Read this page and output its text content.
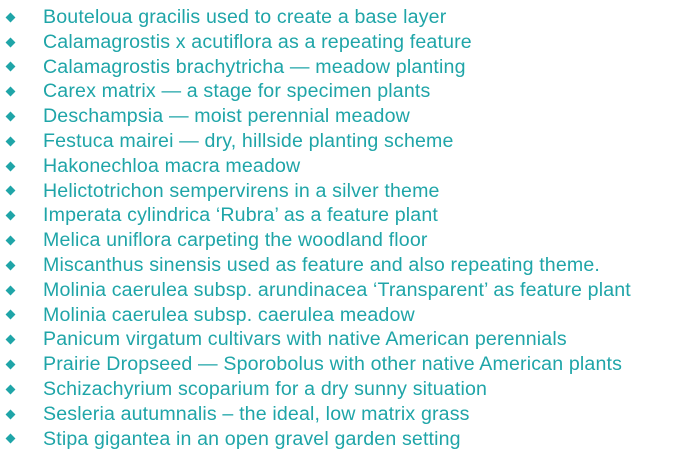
Bouteloua gracilis used to create a base layer
Calamagrostis x acutiflora as a repeating feature
Calamagrostis brachytricha — meadow planting
Carex matrix — a stage for specimen plants
Deschampsia — moist perennial meadow
Festuca mairei — dry, hillside planting scheme
Hakonechloa macra meadow
Helictotrichon sempervirens in a silver theme
Imperata cylindrica ‘Rubra’ as a feature plant
Melica uniflora carpeting the woodland floor
Miscanthus sinensis used as feature and also repeating theme.
Molinia caerulea subsp. arundinacea ‘Transparent’ as feature plant
Molinia caerulea subsp. caerulea meadow
Panicum virgatum cultivars with native American perennials
Prairie Dropseed — Sporobolus with other native American plants
Schizachyrium scoparium for a dry sunny situation
Sesleria autumnalis – the ideal, low matrix grass
Stipa gigantea in an open gravel garden setting
